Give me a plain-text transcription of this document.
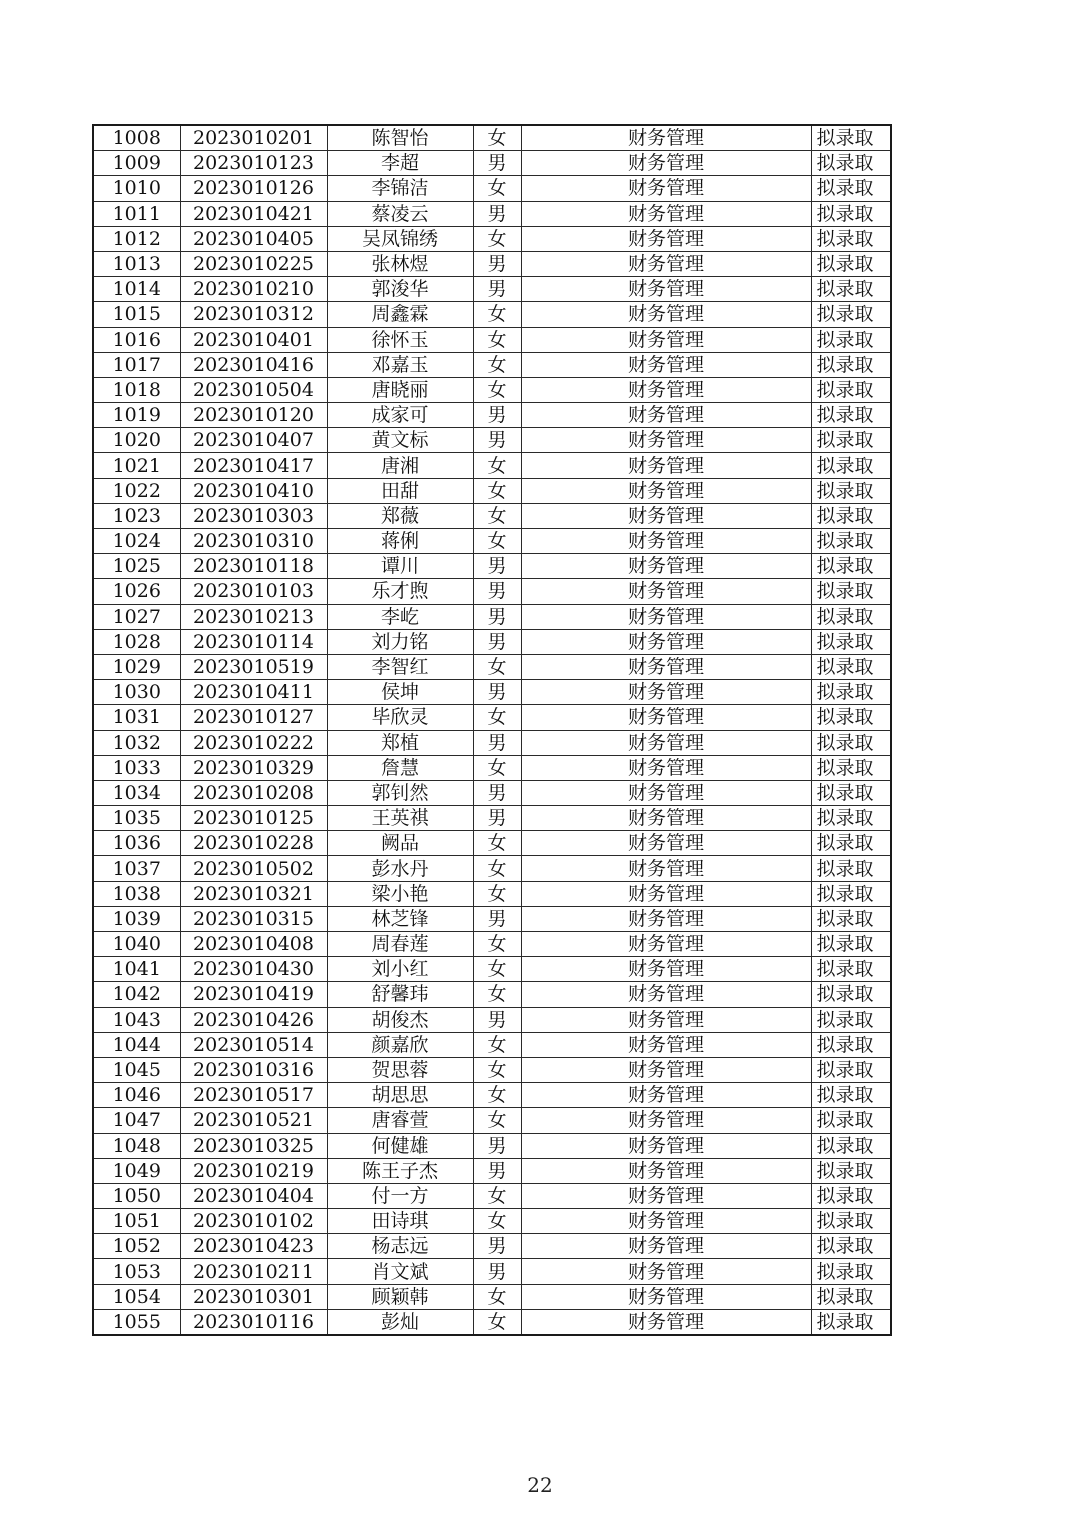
1008	2023010201	陈智怡	女	财务管理	拟录取
1009	2023010123	李超	男	财务管理	拟录取
1010	2023010126	李锦洁	女	财务管理	拟录取
1011	2023010421	蔡凌云	男	财务管理	拟录取
1012	2023010405	吴凤锦绣	女	财务管理	拟录取
1013	2023010225	张林煜	男	财务管理	拟录取
1014	2023010210	郭浚华	男	财务管理	拟录取
1015	2023010312	周鑫霖	女	财务管理	拟录取
1016	2023010401	徐怀玉	女	财务管理	拟录取
1017	2023010416	邓嘉玉	女	财务管理	拟录取
1018	2023010504	唐晓丽	女	财务管理	拟录取
1019	2023010120	成家可	男	财务管理	拟录取
1020	2023010407	黄文标	男	财务管理	拟录取
1021	2023010417	唐湘	女	财务管理	拟录取
1022	2023010410	田甜	女	财务管理	拟录取
1023	2023010303	郑薇	女	财务管理	拟录取
1024	2023010310	蒋俐	女	财务管理	拟录取
1025	2023010118	谭川	男	财务管理	拟录取
1026	2023010103	乐才煦	男	财务管理	拟录取
1027	2023010213	李屹	男	财务管理	拟录取
1028	2023010114	刘力铭	男	财务管理	拟录取
1029	2023010519	李智红	女	财务管理	拟录取
1030	2023010411	侯坤	男	财务管理	拟录取
1031	2023010127	毕欣灵	女	财务管理	拟录取
1032	2023010222	郑植	男	财务管理	拟录取
1033	2023010329	詹慧	女	财务管理	拟录取
1034	2023010208	郭钊然	男	财务管理	拟录取
1035	2023010125	王英祺	男	财务管理	拟录取
1036	2023010228	阙品	女	财务管理	拟录取
1037	2023010502	彭水丹	女	财务管理	拟录取
1038	2023010321	梁小艳	女	财务管理	拟录取
1039	2023010315	林芝锋	男	财务管理	拟录取
1040	2023010408	周春莲	女	财务管理	拟录取
1041	2023010430	刘小红	女	财务管理	拟录取
1042	2023010419	舒馨玮	女	财务管理	拟录取
1043	2023010426	胡俊杰	男	财务管理	拟录取
1044	2023010514	颜嘉欣	女	财务管理	拟录取
1045	2023010316	贺思蓉	女	财务管理	拟录取
1046	2023010517	胡思思	女	财务管理	拟录取
1047	2023010521	唐睿萱	女	财务管理	拟录取
1048	2023010325	何健雄	男	财务管理	拟录取
1049	2023010219	陈王子杰	男	财务管理	拟录取
1050	2023010404	付一方	女	财务管理	拟录取
1051	2023010102	田诗琪	女	财务管理	拟录取
1052	2023010423	杨志远	男	财务管理	拟录取
1053	2023010211	肖文斌	男	财务管理	拟录取
1054	2023010301	顾颖韩	女	财务管理	拟录取
1055	2023010116	彭灿	女	财务管理	拟录取
22
